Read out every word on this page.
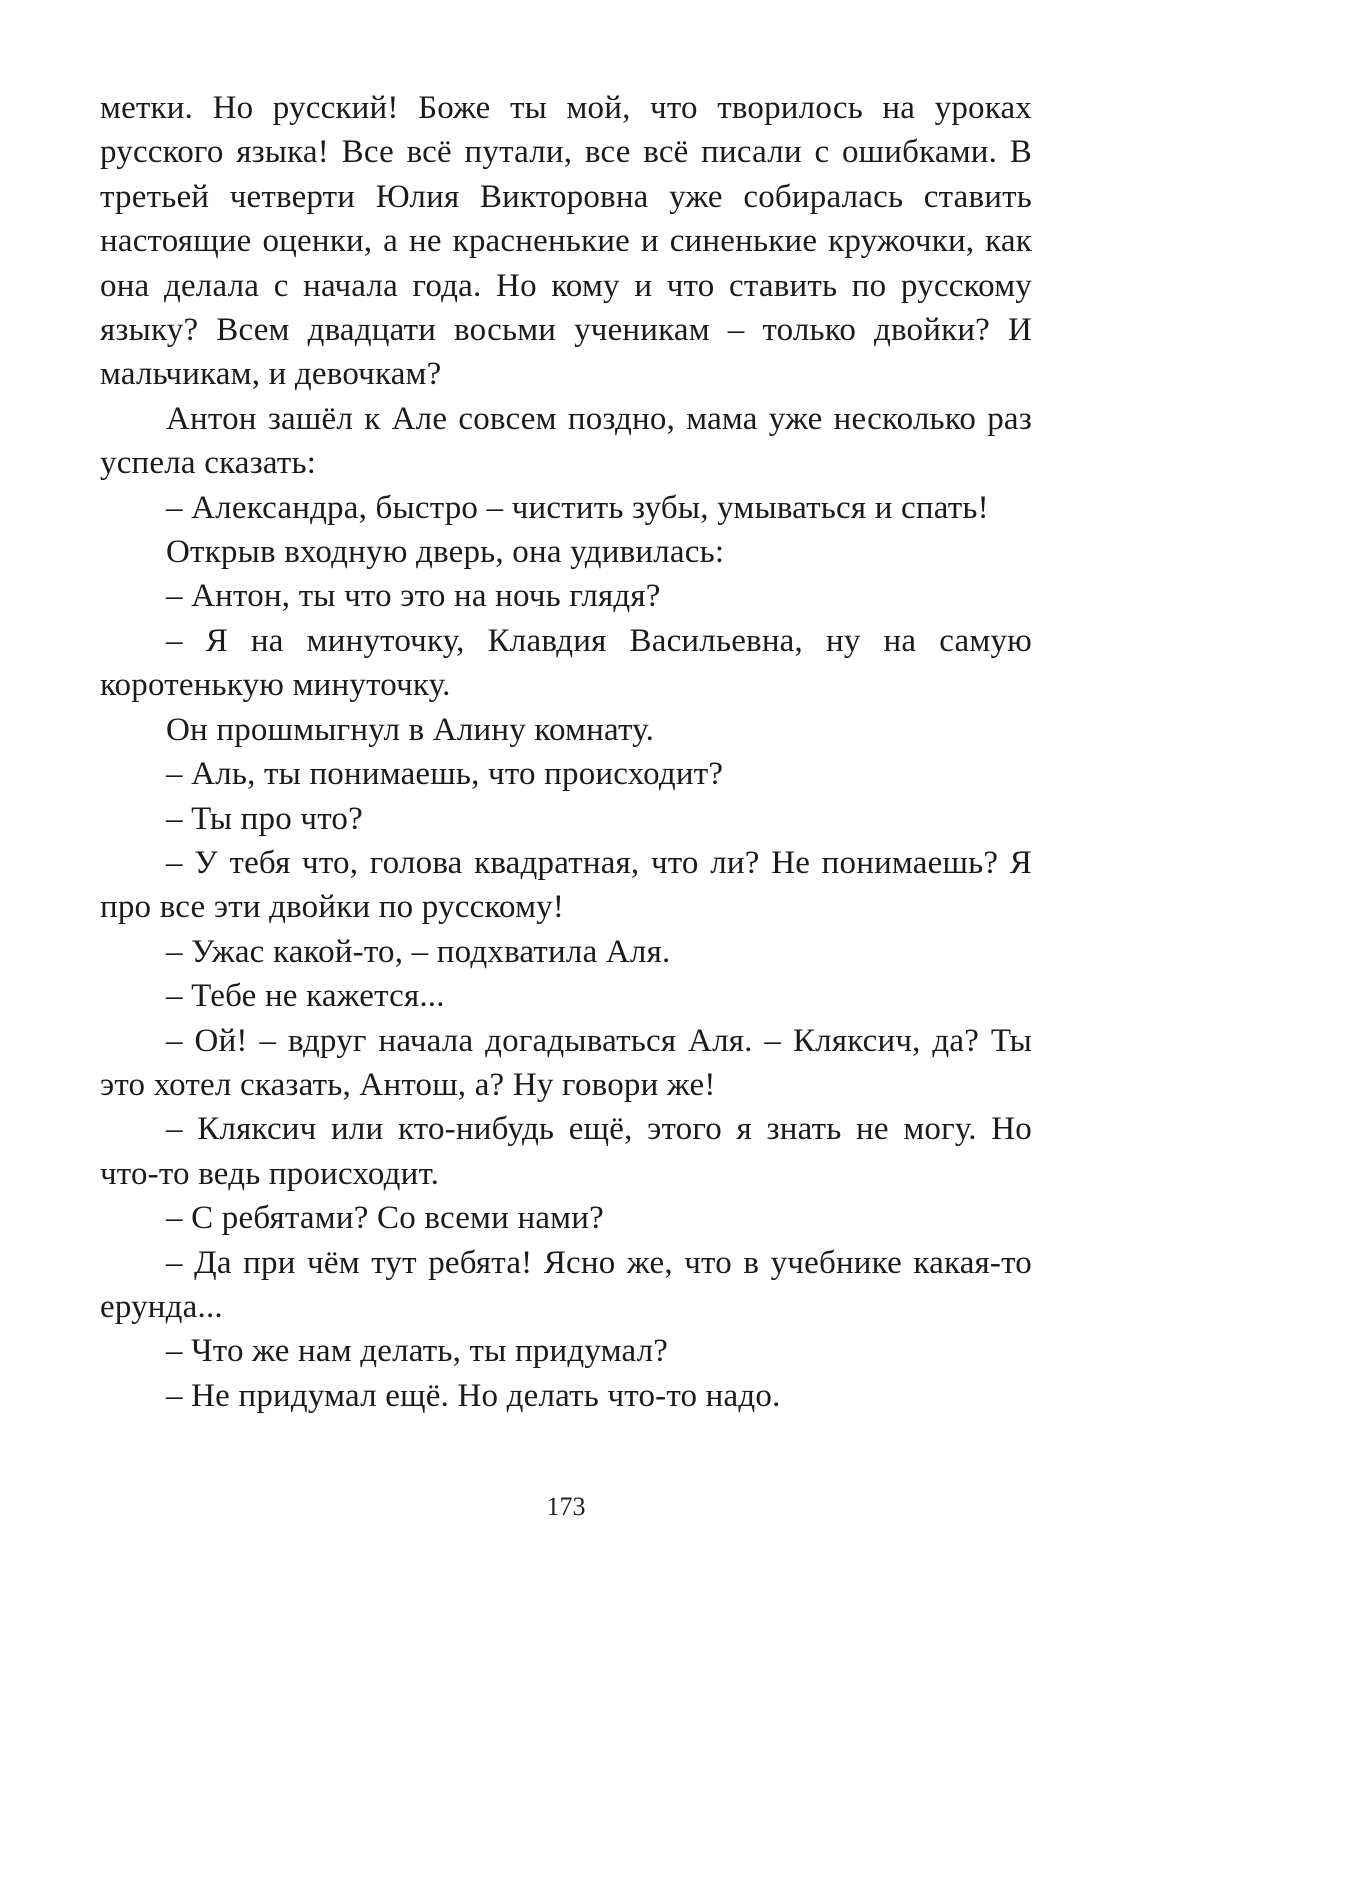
метки. Но русский! Боже ты мой, что творилось на уроках русского языка! Все всё путали, все всё писали с ошибками. В третьей четверти Юлия Викторовна уже собиралась ставить настоящие оценки, а не красненькие и синенькие кружочки, как она делала с начала года. Но кому и что ставить по русскому языку? Всем двадцати восьми ученикам – только двойки? И мальчикам, и девочкам?

Антон зашёл к Але совсем поздно, мама уже несколько раз успела сказать:

– Александра, быстро – чистить зубы, умываться и спать!

Открыв входную дверь, она удивилась:

– Антон, ты что это на ночь глядя?

– Я на минуточку, Клавдия Васильевна, ну на самую коротенькую минуточку.

Он прошмыгнул в Алину комнату.

– Аль, ты понимаешь, что происходит?

– Ты про что?

– У тебя что, голова квадратная, что ли? Не понимаешь? Я про все эти двойки по русскому!

– Ужас какой-то, – подхватила Аля.

– Тебе не кажется...

– Ой! – вдруг начала догадываться Аля. – Кляксич, да? Ты это хотел сказать, Антош, а? Ну говори же!

– Кляксич или кто-нибудь ещё, этого я знать не могу. Но что-то ведь происходит.

– С ребятами? Со всеми нами?

– Да при чём тут ребята! Ясно же, что в учебнике какая-то ерунда...

– Что же нам делать, ты придумал?

– Не придумал ещё. Но делать что-то надо.

173
